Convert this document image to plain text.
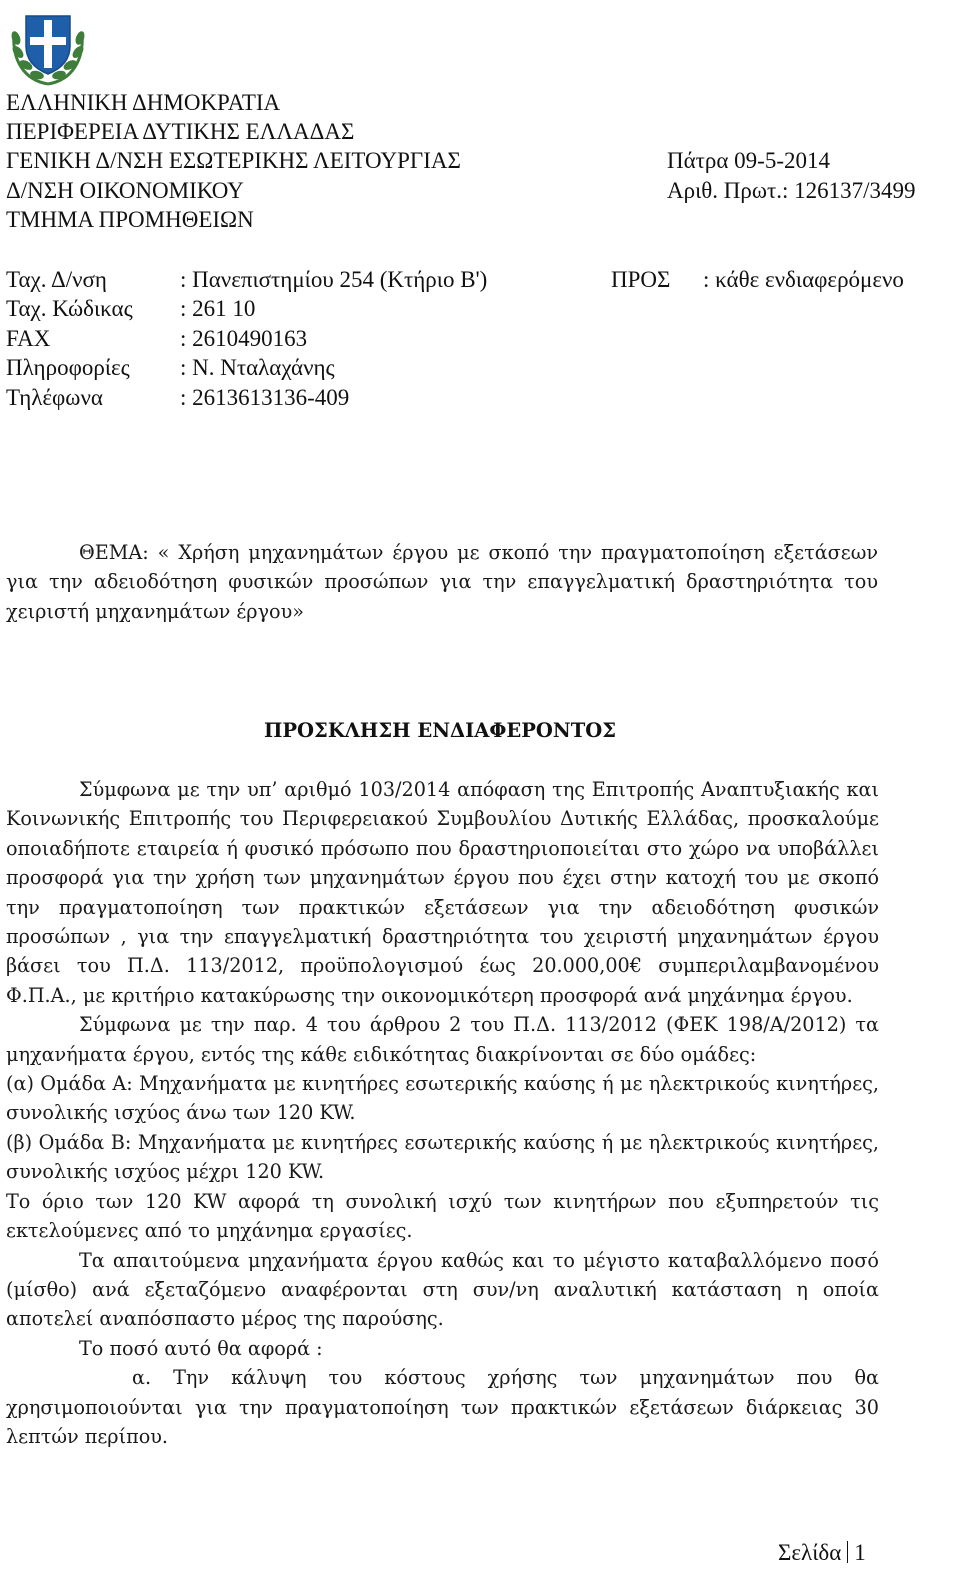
ΕΛΛΗΝΙΚΗ ΔΗΜΟΚΡΑΤΙΑ
ΠΕΡΙΦΕΡΕΙΑ ΔΥΤΙΚΗΣ ΕΛΛΑΔΑΣ
ΓΕΝΙΚΗ Δ/ΝΣΗ ΕΣΩΤΕΡΙΚΗΣ ΛΕΙΤΟΥΡΓΙΑΣ
Δ/ΝΣΗ ΟΙΚΟΝΟΜΙΚΟΥ
ΤΜΗΜΑ ΠΡΟΜΗΘΕΙΩΝ
Πάτρα 09-5-2014
Αριθ. Πρωτ.: 126137/3499
Ταχ. Δ/νση	: Πανεπιστημίου 254 (Κτήριο Β')
Ταχ. Κώδικας : 261 10
FAX	: 2610490163
Πληροφορίες : Ν. Νταλαχάνης
Τηλέφωνα	: 2613613136-409
ΠΡΟΣ : κάθε ενδιαφερόμενο

ΘΕΜΑ: « Χρήση μηχανημάτων έργου με σκοπό την πραγματοποίηση εξετάσεων για την αδειοδότηση φυσικών προσώπων για την επαγγελματική δραστηριότητα του χειριστή μηχανημάτων έργου»

ΠΡΟΣΚΛΗΣΗ ΕΝΔΙΑΦΕΡΟΝΤΟΣ

Σύμφωνα με την υπ’ αριθμό 103/2014 απόφαση της Επιτροπής Αναπτυξιακής και Κοινωνικής Επιτροπής του Περιφερειακού Συμβουλίου Δυτικής Ελλάδας, προσκαλούμε οποιαδήποτε εταιρεία ή φυσικό πρόσωπο που δραστηριοποιείται στο χώρο να υποβάλλει προσφορά για την χρήση των μηχανημάτων έργου που έχει στην κατοχή του με σκοπό την πραγματοποίηση των πρακτικών εξετάσεων για την αδειοδότηση φυσικών προσώπων , για την επαγγελματική δραστηριότητα του χειριστή μηχανημάτων έργου βάσει του Π.Δ. 113/2012, προϋπολογισμού έως 20.000,00€ συμπεριλαμβανομένου Φ.Π.Α., με κριτήριο κατακύρωσης την οικονομικότερη προσφορά ανά μηχάνημα έργου.

Σύμφωνα με την παρ. 4 του άρθρου 2 του Π.Δ. 113/2012 (ΦΕΚ 198/Α/2012) τα μηχανήματα έργου, εντός της κάθε ειδικότητας διακρίνονται σε δύο ομάδες:

(α) Ομάδα Α: Μηχανήματα με κινητήρες εσωτερικής καύσης ή με ηλεκτρικούς κινητήρες, συνολικής ισχύος άνω των 120 KW.

(β) Ομάδα Β: Μηχανήματα με κινητήρες εσωτερικής καύσης ή με ηλεκτρικούς κινητήρες, συνολικής ισχύος μέχρι 120 KW.

Το όριο των 120 KW αφορά τη συνολική ισχύ των κινητήρων που εξυπηρετούν τις εκτελούμενες από το μηχάνημα εργασίες.

Τα απαιτούμενα μηχανήματα έργου καθώς και το μέγιστο καταβαλλόμενο ποσό (μίσθο) ανά εξεταζόμενο αναφέρονται στη συν/νη αναλυτική κατάσταση η οποία αποτελεί αναπόσπαστο μέρος της παρούσης.

Το ποσό αυτό θα αφορά :

α. Την κάλυψη του κόστους χρήσης των μηχανημάτων που θα χρησιμοποιούνται για την πραγματοποίηση των πρακτικών εξετάσεων διάρκειας 30 λεπτών περίπου.

Σελίδα 1
